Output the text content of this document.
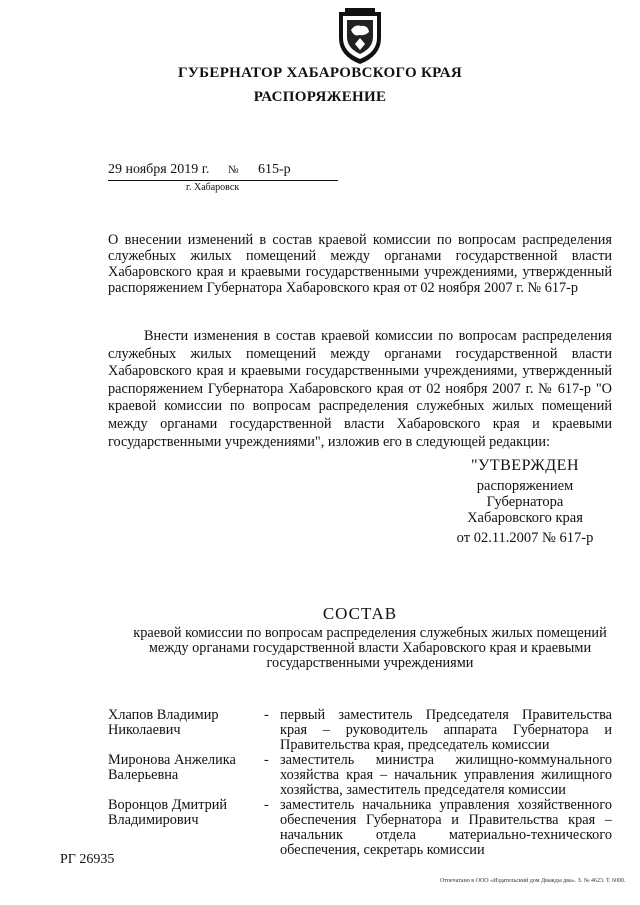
ГУБЕРНАТОР ХАБАРОВСКОГО КРАЯ
РАСПОРЯЖЕНИЕ
29 ноября 2019 г. № 615-р
г. Хабаровск
О внесении изменений в состав краевой комиссии по вопросам распределения служебных жилых помещений между органами государственной власти Хабаровского края и краевыми государственными учреждениями, утвержденный распоряжением Губернатора Хабаровского края от 02 ноября 2007 г. № 617-р
Внести изменения в состав краевой комиссии по вопросам распределения служебных жилых помещений между органами государственной власти Хабаровского края и краевыми государственными учреждениями, утвержденный распоряжением Губернатора Хабаровского края от 02 ноября 2007 г. № 617-р "О краевой комиссии по вопросам распределения служебных жилых помещений между органами государственной власти Хабаровского края и краевыми государственными учреждениями", изложив его в следующей редакции:
"УТВЕРЖДЕН
распоряжением
Губернатора
Хабаровского края
от 02.11.2007 № 617-р
СОСТАВ
краевой комиссии по вопросам распределения служебных жилых помещений между органами государственной власти Хабаровского края и краевыми государственными учреждениями
Хлапов Владимир Николаевич
- первый заместитель Председателя Правительства края – руководитель аппарата Губернатора и Правительства края, председатель комиссии
Миронова Анжелика Валерьевна
- заместитель министра жилищно-коммунального хозяйства края – начальник управления жилищного хозяйства, заместитель председателя комиссии
Воронцов Дмитрий Владимирович
- заместитель начальника управления хозяйственного обеспечения Губернатора и Правительства края – начальник отдела материально-технического обеспечения, секретарь комиссии
РГ 26935
Отпечатано в ООО «Издательский дом Дважды два». З. № 4623. Т. 6000.
